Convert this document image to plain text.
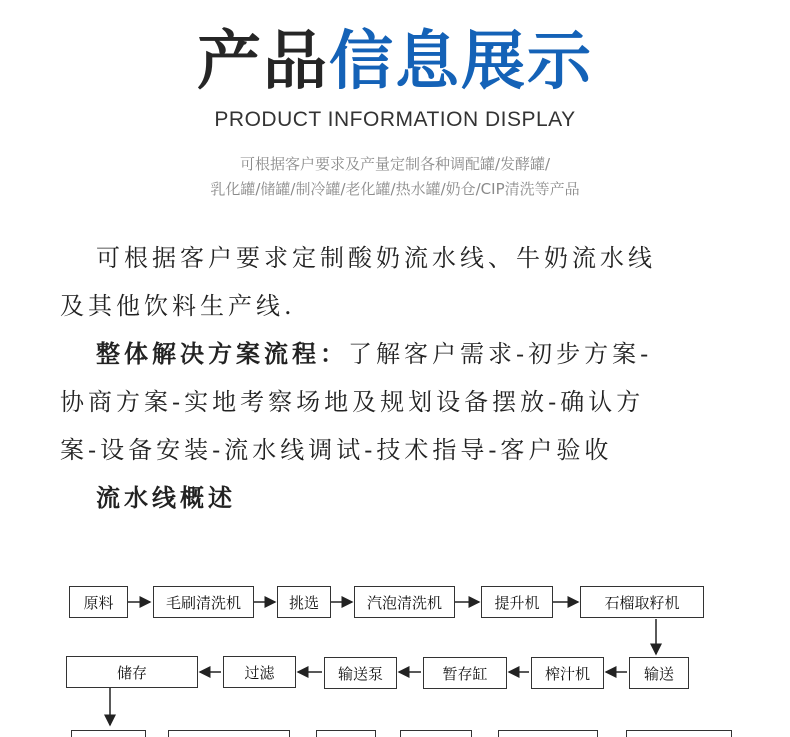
产品信息展示
PRODUCT INFORMATION DISPLAY
可根据客户要求及产量定制各种调配罐/发酵罐/
乳化罐/储罐/制冷罐/老化罐/热水罐/奶仓/CIP清洗等产品
可根据客户要求定制酸奶流水线、牛奶流水线
及其他饮料生产线.
整体解决方案流程：了解客户需求-初步方案-
协商方案-实地考察场地及规划设备摆放-确认方
案-设备安装-流水线调试-技术指导-客户验收
流水线概述
原料	毛刷清洗机	挑选	汽泡清洗机	提升机	石榴取籽机
储存	过滤	输送泵	暂存缸	榨汁机	输送
